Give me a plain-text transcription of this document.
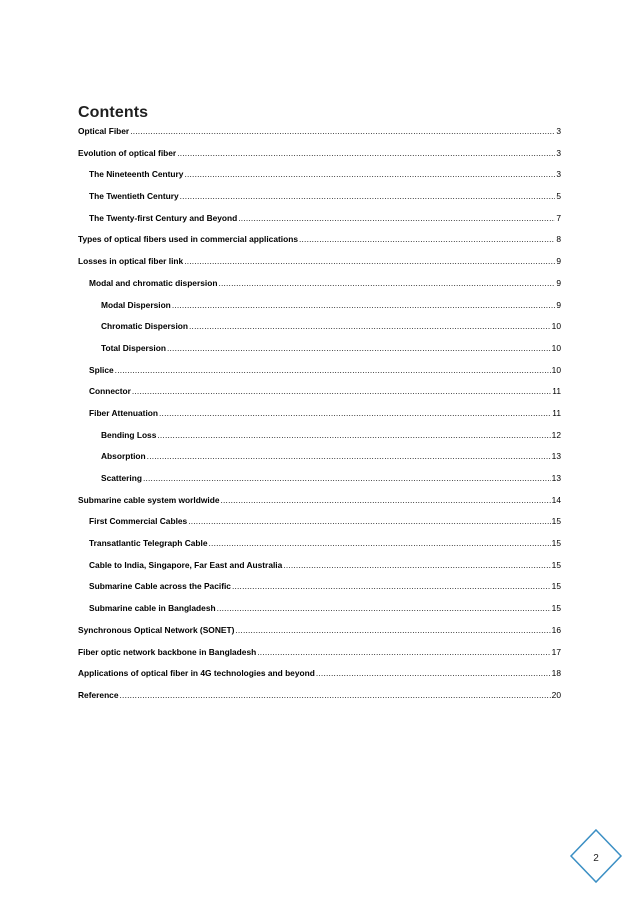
Contents
Optical Fiber .....	3
Evolution of optical fiber .....	3
The Nineteenth Century .....	3
The Twentieth Century .....	5
The Twenty-first Century and Beyond .....	7
Types of optical fibers used in commercial applications .....	8
Losses in optical fiber link .....	9
Modal and chromatic dispersion .....	9
Modal Dispersion .....	9
Chromatic Dispersion .....	10
Total Dispersion .....	10
Splice .....	10
Connector .....	11
Fiber Attenuation .....	11
Bending Loss .....	12
Absorption .....	13
Scattering .....	13
Submarine cable system worldwide .....	14
First Commercial Cables .....	15
Transatlantic Telegraph Cable .....	15
Cable to India, Singapore, Far East and Australia .....	15
Submarine Cable across the Pacific .....	15
Submarine cable in Bangladesh .....	15
Synchronous Optical Network (SONET) .....	16
Fiber optic network backbone in Bangladesh .....	17
Applications of optical fiber in 4G technologies and beyond .....	18
Reference .....	20
2
